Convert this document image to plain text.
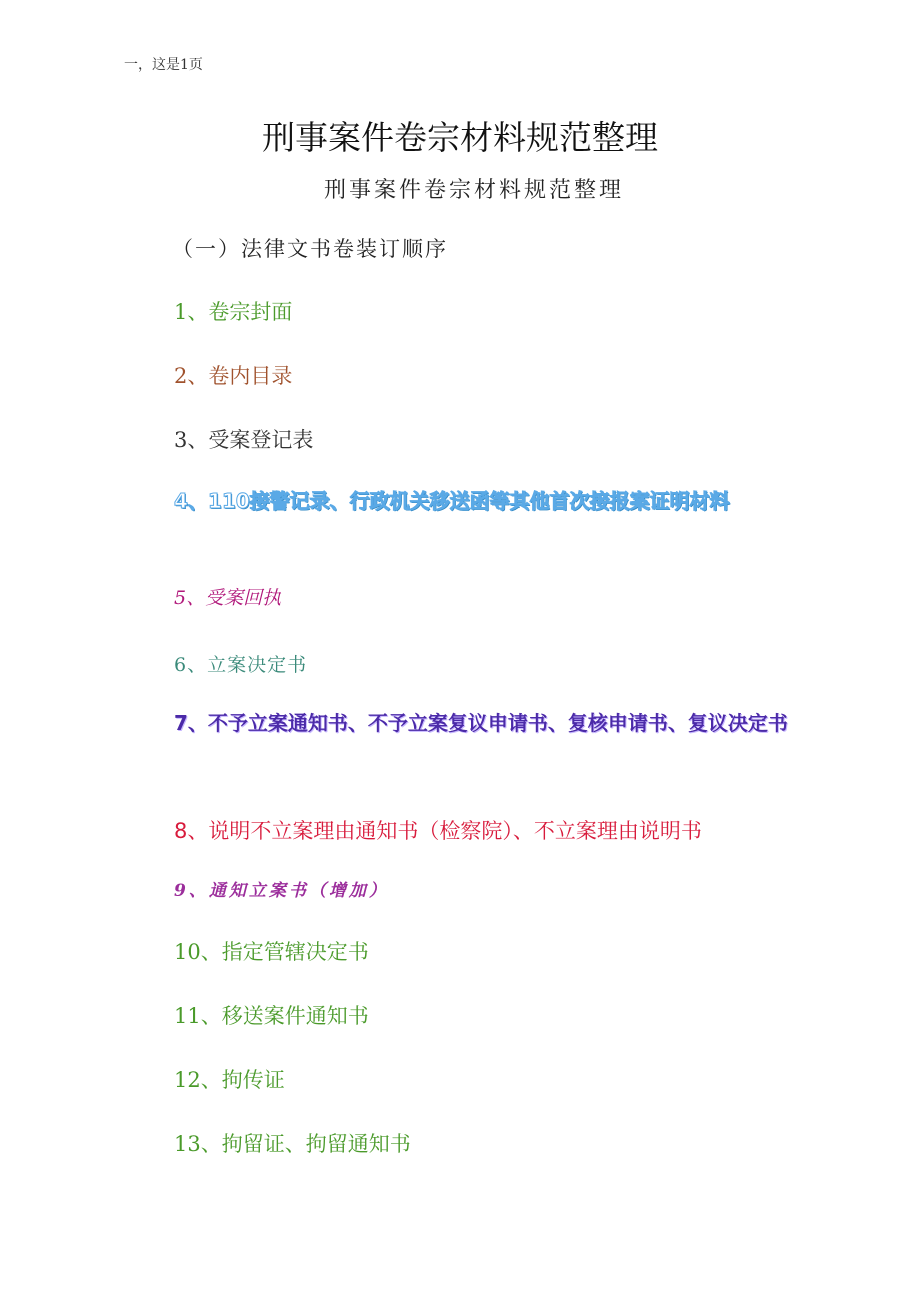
一，这是1页
刑事案件卷宗材料规范整理
刑事案件卷宗材料规范整理
（一）法律文书卷装订顺序
1、卷宗封面
2、卷内目录
3、受案登记表
4、110接警记录、行政机关移送函等其他首次接报案证明材料
5、受案回执
6、立案决定书
7、不予立案通知书、不予立案复议申请书、复核申请书、复议决定书
8、说明不立案理由通知书（检察院）、不立案理由说明书
9、通知立案书（增加）
10、指定管辖决定书
11、移送案件通知书
12、拘传证
13、拘留证、拘留通知书
